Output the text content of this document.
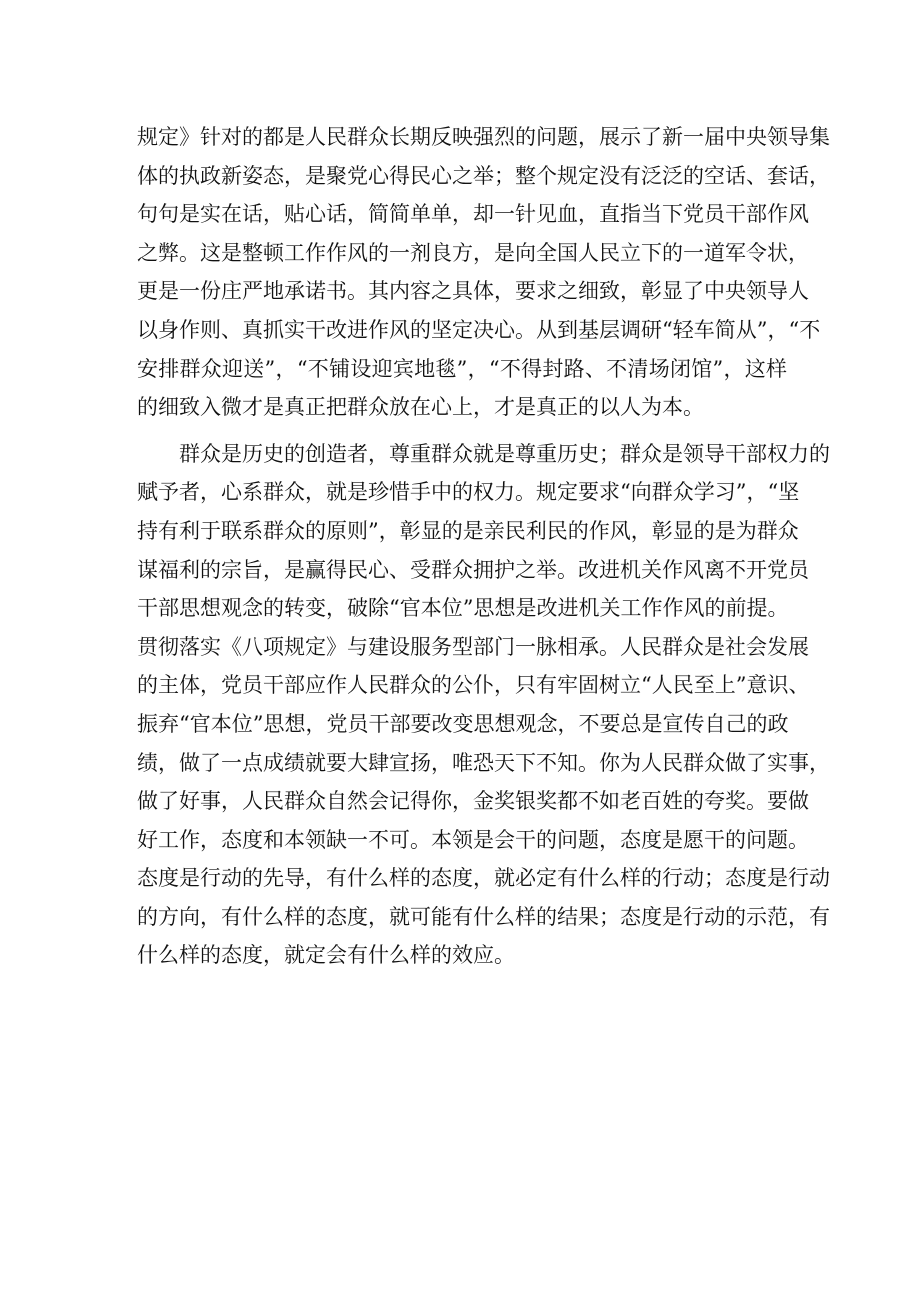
规定》针对的都是人民群众长期反映强烈的问题，展示了新一届中央领导集
体的执政新姿态，是聚党心得民心之举；整个规定没有泛泛的空话、套话，
句句是实在话，贴心话，简简单单，却一针见血，直指当下党员干部作风
之弊。这是整顿工作作风的一剂良方，是向全国人民立下的一道军令状，
更是一份庄严地承诺书。其内容之具体，要求之细致，彰显了中央领导人
以身作则、真抓实干改进作风的坚定决心。从到基层调研“轻车简从”，“不
安排群众迎送”，“不铺设迎宾地毯”，“不得封路、不清场闭馆”，这样
的细致入微才是真正把群众放在心上，才是真正的以人为本。

群众是历史的创造者，尊重群众就是尊重历史；群众是领导干部权力的
赋予者，心系群众，就是珍惜手中的权力。规定要求“向群众学习”，“坚
持有利于联系群众的原则”，彰显的是亲民利民的作风，彰显的是为群众
谋福利的宗旨，是赢得民心、受群众拥护之举。改进机关作风离不开党员
干部思想观念的转变，破除“官本位”思想是改进机关工作作风的前提。
贯彻落实《八项规定》与建设服务型部门一脉相承。人民群众是社会发展
的主体，党员干部应作人民群众的公仆，只有牢固树立“人民至上”意识、
振弃“官本位”思想，党员干部要改变思想观念，不要总是宣传自己的政
绩，做了一点成绩就要大肆宣扬，唯恐天下不知。你为人民群众做了实事，
做了好事，人民群众自然会记得你，金奖银奖都不如老百姓的夸奖。要做
好工作，态度和本领缺一不可。本领是会干的问题，态度是愿干的问题。
态度是行动的先导，有什么样的态度，就必定有什么样的行动；态度是行动
的方向，有什么样的态度，就可能有什么样的结果；态度是行动的示范，有
什么样的态度，就定会有什么样的效应。
